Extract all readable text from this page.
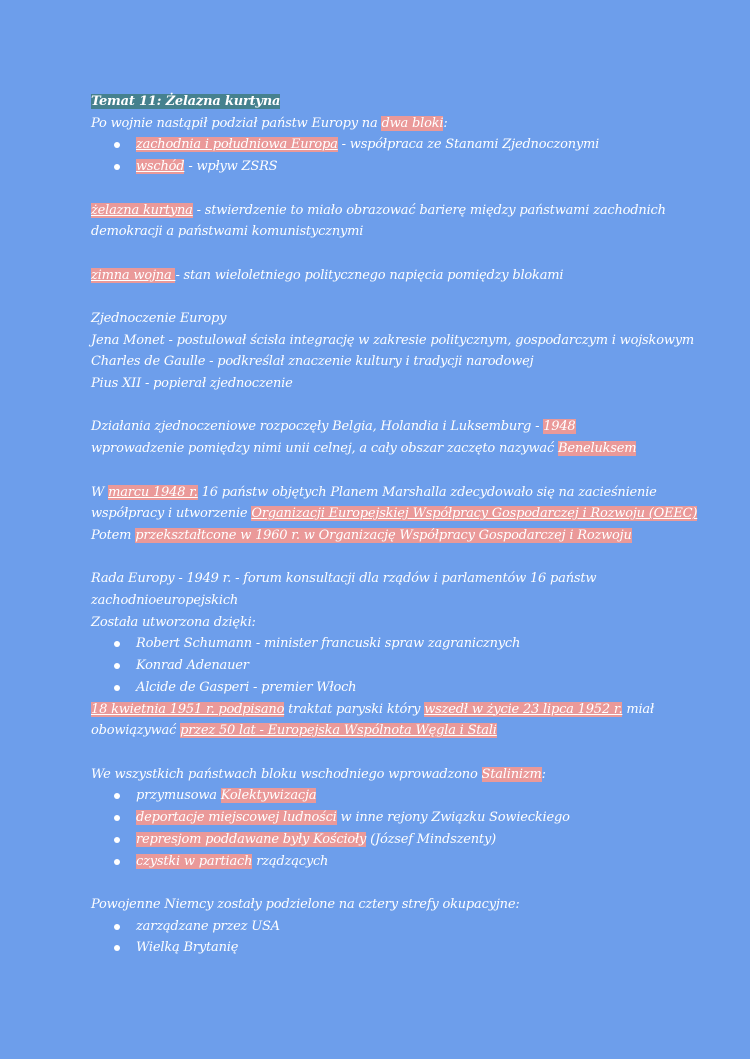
Temat 11: Żelazna kurtyna
Po wojnie nastąpił podział państw Europy na dwa bloki:
zachodnia i południowa Europa - współpraca ze Stanami Zjednoczonymi
wschód - wpływ ZSRS
żelazna kurtyna - stwierdzenie to miało obrazować barierę między państwami zachodnich
demokracji a państwami komunistycznymi
zimna wojna - stan wieloletniego politycznego napięcia pomiędzy blokami
Zjednoczenie Europy
Jena Monet - postulował ścisła integrację w zakresie politycznym, gospodarczym i wojskowym
Charles de Gaulle - podkreślał znaczenie kultury i tradycji narodowej
Pius XII - popierał zjednoczenie
Działania zjednoczeniowe rozpoczęły Belgia, Holandia i Luksemburg - 1948
wprowadzenie pomiędzy nimi unii celnej, a cały obszar zaczęto nazywać Beneluksem
W marcu 1948 r. 16 państw objętych Planem Marshalla zdecydowało się na zacieśnienie
współpracy i utworzenie Organizacji Europejskiej Współpracy Gospodarczej i Rozwoju (OEEC)
Potem przekształtcone w 1960 r. w Organizację Współpracy Gospodarczej i Rozwoju
Rada Europy - 1949 r. - forum konsultacji dla rządów i parlamentów 16 państw
zachodnioeuropejskich
Została utworzona dzięki:
Robert Schumann - minister francuski spraw zagranicznych
Konrad Adenauer
Alcide de Gasperi - premier Włoch
18 kwietnia 1951 r. podpisano traktat paryski który wszedł w życie 23 lipca 1952 r. miał
obowiązywać przez 50 lat - Europejska Wspólnota Węgla i Stali
We wszystkich państwach bloku wschodniego wprowadzono Stalinizm:
przymusowa Kolektywizacja
deportacje miejscowej ludności w inne rejony Związku Sowieckiego
represjom poddawane były Kościoły (József Mindszenty)
czystki w partiach rządzących
Powojenne Niemcy zostały podzielone na cztery strefy okupacyjne:
zarządzane przez USA
Wielką Brytanię
